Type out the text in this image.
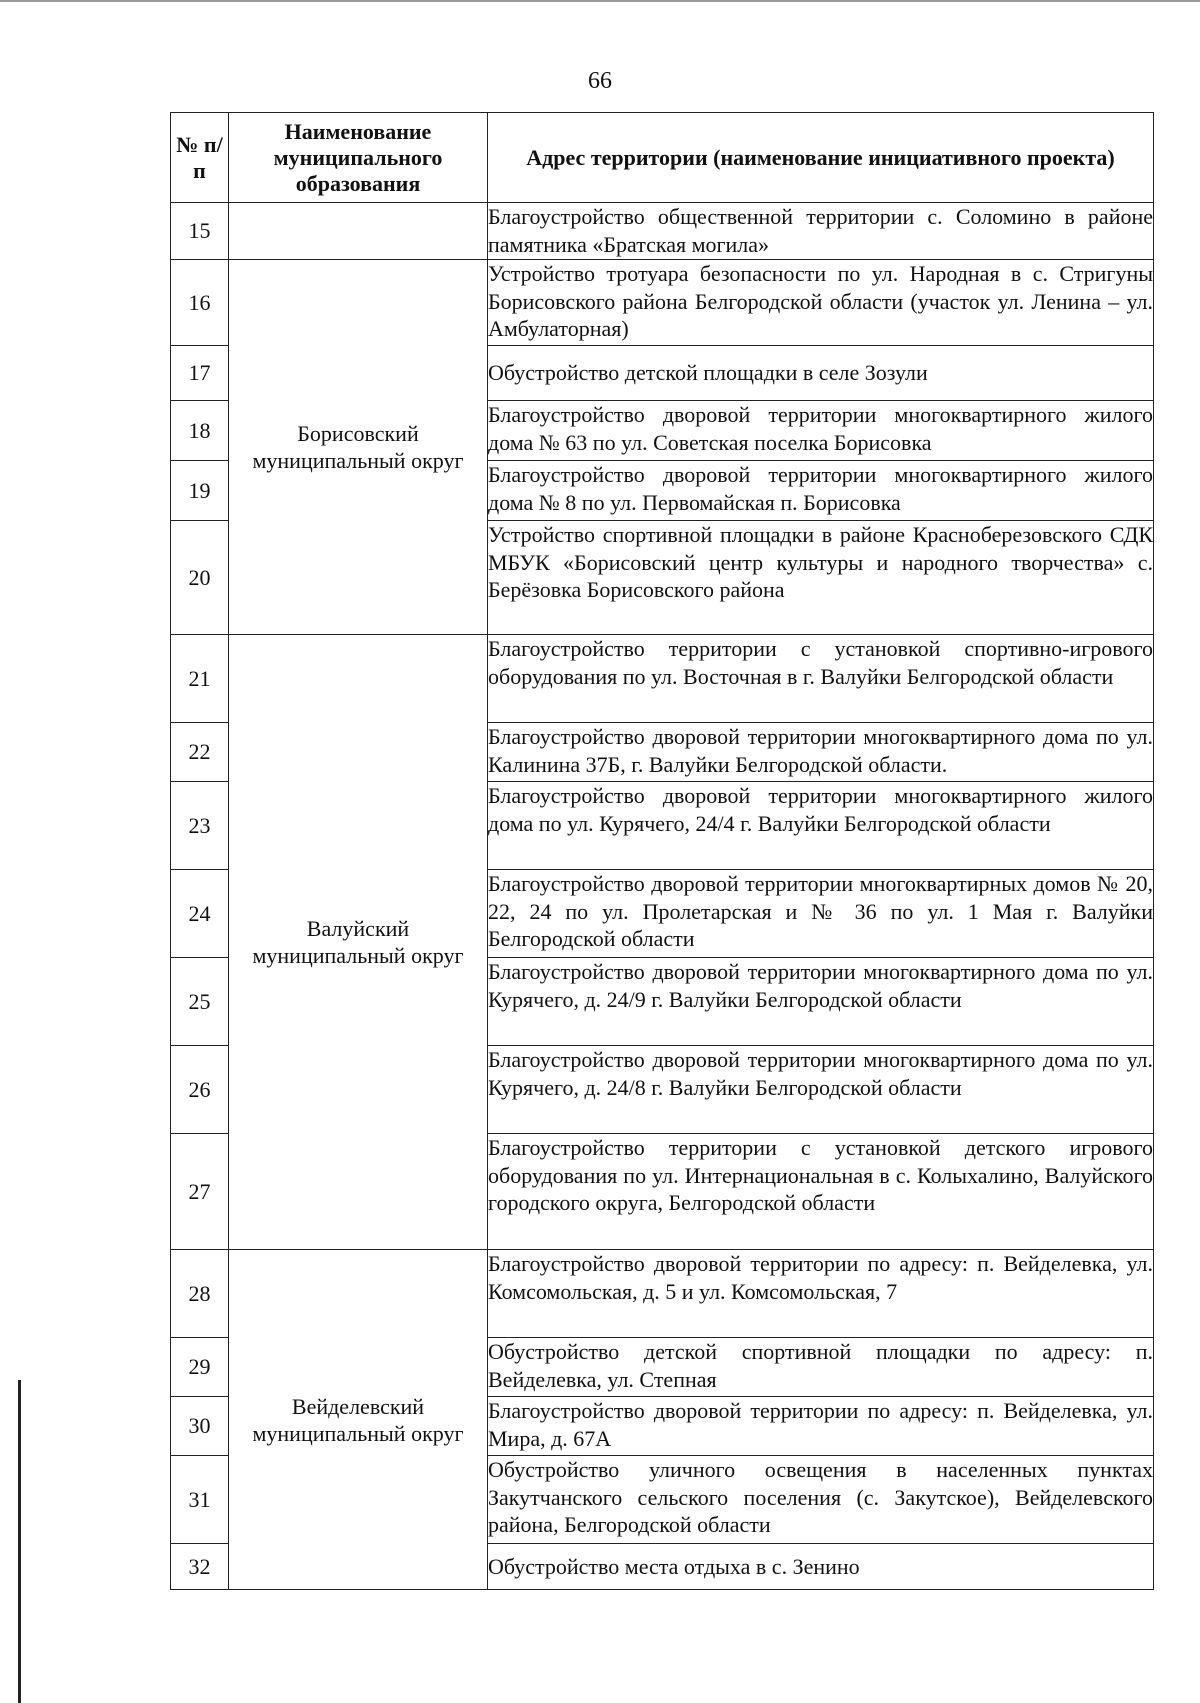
66
№ п/п	Наименование муниципального образования	Адрес территории (наименование инициативного проекта)
15		Благоустройство общественной территории с. Соломино в районе памятника «Братская могила»
16	Борисовский муниципальный округ	Устройство тротуара безопасности по ул. Народная в с. Стригуны Борисовского района Белгородской области (участок ул. Ленина – ул. Амбулаторная)
17		Обустройство детской площадки в селе Зозули
18		Благоустройство дворовой территории многоквартирного жилого дома № 63 по ул. Советская поселка Борисовка
19		Благоустройство дворовой территории многоквартирного жилого дома № 8 по ул. Первомайская п. Борисовка
20		Устройство спортивной площадки в районе Красноберезовского СДК МБУК «Борисовский центр культуры и народного творчества» с. Берёзовка Борисовского района
21	Валуйский муниципальный округ	Благоустройство территории с установкой спортивно-игрового оборудования по ул. Восточная в г. Валуйки Белгородской области
22		Благоустройство дворовой территории многоквартирного дома по ул. Калинина 37Б, г. Валуйки Белгородской области.
23		Благоустройство дворовой территории многоквартирного жилого дома по ул. Курячего, 24/4 г. Валуйки Белгородской области
24		Благоустройство дворовой территории многоквартирных домов № 20, 22, 24 по ул. Пролетарская и № 36 по ул. 1 Мая г. Валуйки Белгородской области
25		Благоустройство дворовой территории многоквартирного дома по ул. Курячего, д. 24/9 г. Валуйки Белгородской области
26		Благоустройство дворовой территории многоквартирного дома по ул. Курячего, д. 24/8 г. Валуйки Белгородской области
27		Благоустройство территории с установкой детского игрового оборудования по ул. Интернациональная в с. Колыхалино, Валуйского городского округа, Белгородской области
28	Вейделевский муниципальный округ	Благоустройство дворовой территории по адресу: п. Вейделевка, ул. Комсомольская, д. 5 и ул. Комсомольская, 7
29		Обустройство детской спортивной площадки по адресу: п. Вейделевка, ул. Степная
30		Благоустройство дворовой территории по адресу: п. Вейделевка, ул. Мира, д. 67А
31		Обустройство уличного освещения в населенных пунктах Закутчанского сельского поселения (с. Закутское), Вейделевского района, Белгородской области
32		Обустройство места отдыха в с. Зенино
